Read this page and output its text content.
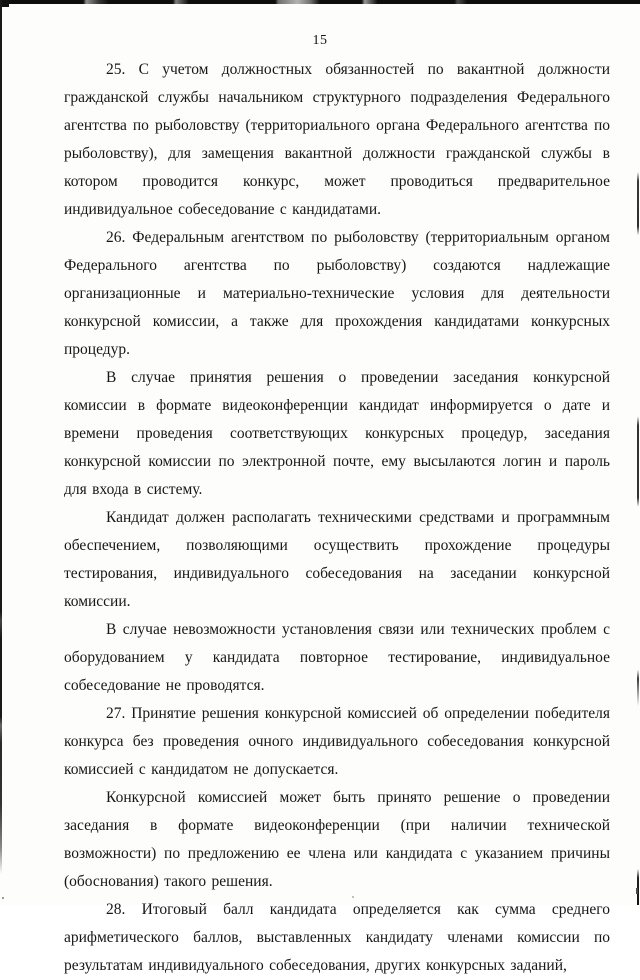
15

25. С учетом должностных обязанностей по вакантной должности гражданской службы начальником структурного подразделения Федерального агентства по рыболовству (территориального органа Федерального агентства по рыболовству), для замещения вакантной должности гражданской службы в котором проводится конкурс, может проводиться предварительное индивидуальное собеседование с кандидатами.

26. Федеральным агентством по рыболовству (территориальным органом Федерального агентства по рыболовству) создаются надлежащие организационные и материально-технические условия для деятельности конкурсной комиссии, а также для прохождения кандидатами конкурсных процедур.

В случае принятия решения о проведении заседания конкурсной комиссии в формате видеоконференции кандидат информируется о дате и времени проведения соответствующих конкурсных процедур, заседания конкурсной комиссии по электронной почте, ему высылаются логин и пароль для входа в систему.

Кандидат должен располагать техническими средствами и программным обеспечением, позволяющими осуществить прохождение процедуры тестирования, индивидуального собеседования на заседании конкурсной комиссии.

В случае невозможности установления связи или технических проблем с оборудованием у кандидата повторное тестирование, индивидуальное собеседование не проводятся.

27. Принятие решения конкурсной комиссией об определении победителя конкурса без проведения очного индивидуального собеседования конкурсной комиссией с кандидатом не допускается.

Конкурсной комиссией может быть принято решение о проведении заседания в формате видеоконференции (при наличии технической возможности) по предложению ее члена или кандидата с указанием причины (обоснования) такого решения.

28. Итоговый балл кандидата определяется как сумма среднего арифметического баллов, выставленных кандидату членами комиссии по результатам индивидуального собеседования, других конкурсных заданий,
